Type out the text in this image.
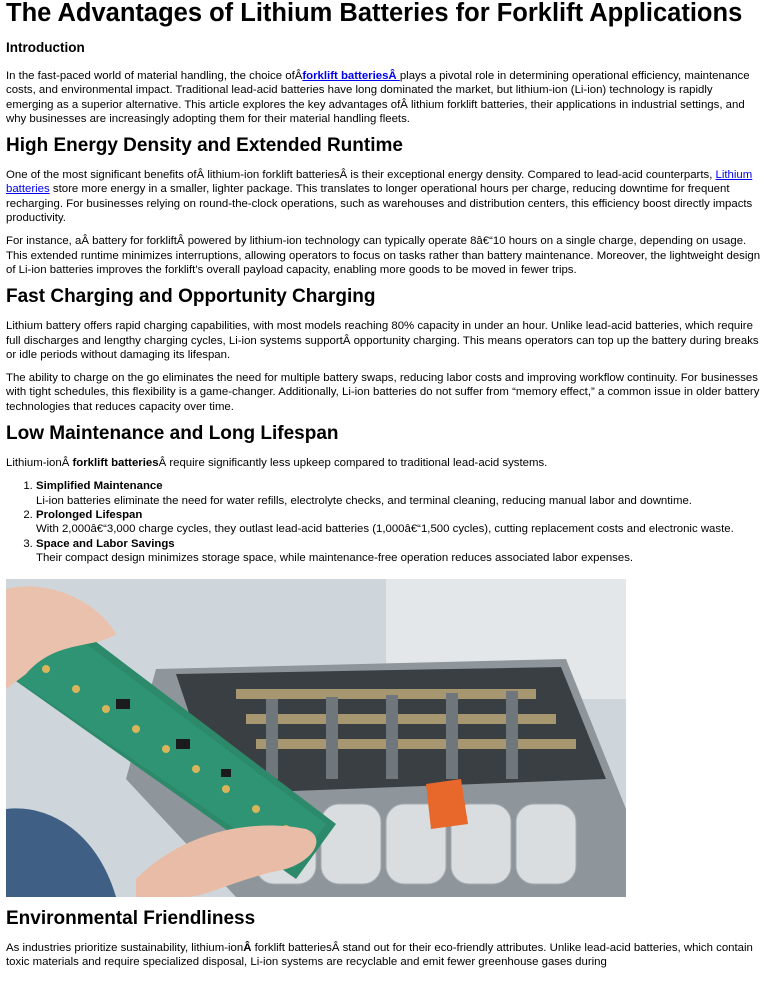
The Advantages of Lithium Batteries for Forklift Applications
Introduction

In the fast-paced world of material handling, the choice ofÂforklift batteriesÂ plays a pivotal role in determining operational efficiency, maintenance costs, and environmental impact. Traditional lead-acid batteries have long dominated the market, but lithium-ion (Li-ion) technology is rapidly emerging as a superior alternative. This article explores the key advantages ofÂ lithium forklift batteries, their applications in industrial settings, and why businesses are increasingly adopting them for their material handling fleets.

High Energy Density and Extended Runtime

One of the most significant benefits ofÂ lithium-ion forklift batteriesÂ is their exceptional energy density. Compared to lead-acid counterparts, Lithium batteries store more energy in a smaller, lighter package. This translates to longer operational hours per charge, reducing downtime for frequent recharging. For businesses relying on round-the-clock operations, such as warehouses and distribution centers, this efficiency boost directly impacts productivity.

For instance, aÂ battery for forkliftÂ powered by lithium-ion technology can typically operate 8â€“10 hours on a single charge, depending on usage. This extended runtime minimizes interruptions, allowing operators to focus on tasks rather than battery maintenance. Moreover, the lightweight design of Li-ion batteries improves the forklift’s overall payload capacity, enabling more goods to be moved in fewer trips.

Fast Charging and Opportunity Charging

Lithium battery offers rapid charging capabilities, with most models reaching 80% capacity in under an hour. Unlike lead-acid batteries, which require full discharges and lengthy charging cycles, Li-ion systems supportÂ opportunity charging. This means operators can top up the battery during breaks or idle periods without damaging its lifespan.

The ability to charge on the go eliminates the need for multiple battery swaps, reducing labor costs and improving workflow continuity. For businesses with tight schedules, this flexibility is a game-changer. Additionally, Li-ion batteries do not suffer from “memory effect,” a common issue in older battery technologies that reduces capacity over time.

Low Maintenance and Long Lifespan

Lithium-ionÂ forklift batteriesÂ require significantly less upkeep compared to traditional lead-acid systems.

1. Simplified Maintenance
Li-ion batteries eliminate the need for water refills, electrolyte checks, and terminal cleaning, reducing manual labor and downtime.
2. Prolonged Lifespan
With 2,000â€“3,000 charge cycles, they outlast lead-acid batteries (1,000â€“1,500 cycles), cutting replacement costs and electronic waste.
3. Space and Labor Savings
Their compact design minimizes storage space, while maintenance-free operation reduces associated labor expenses.
Environmental Friendliness

As industries prioritize sustainability, lithium-ionÂ forklift batteriesÂ stand out for their eco-friendly attributes. Unlike lead-acid batteries, which contain toxic materials and require specialized disposal, Li-ion systems are recyclable and emit fewer greenhouse gases during
